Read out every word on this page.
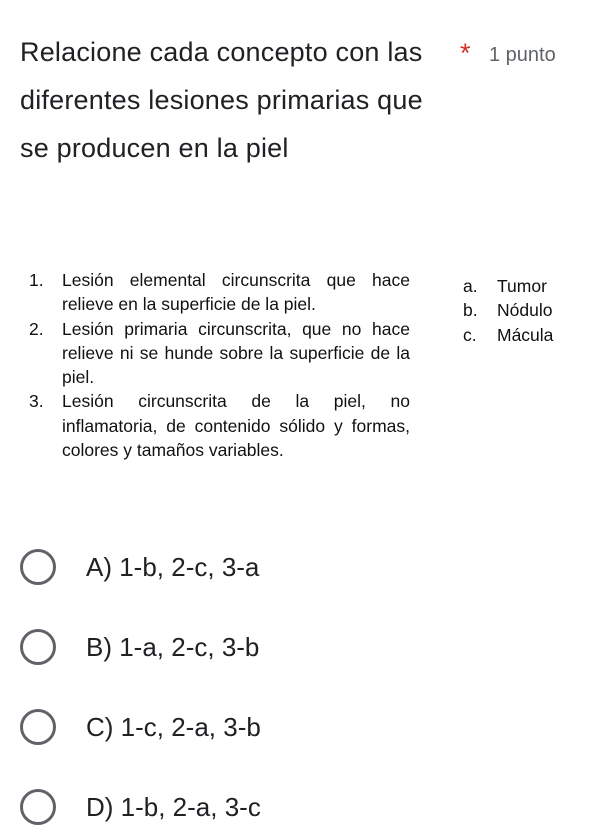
Relacione cada concepto con las diferentes lesiones primarias que se producen en la piel
* 1 punto
1. Lesión elemental circunscrita que hace relieve en la superficie de la piel.
2. Lesión primaria circunscrita, que no hace relieve ni se hunde sobre la superficie de la piel.
3. Lesión circunscrita de la piel, no inflamatoria, de contenido sólido y formas, colores y tamaños variables.
a. Tumor
b. Nódulo
c. Mácula
A) 1-b, 2-c, 3-a
B) 1-a, 2-c, 3-b
C) 1-c, 2-a, 3-b
D) 1-b, 2-a, 3-c
